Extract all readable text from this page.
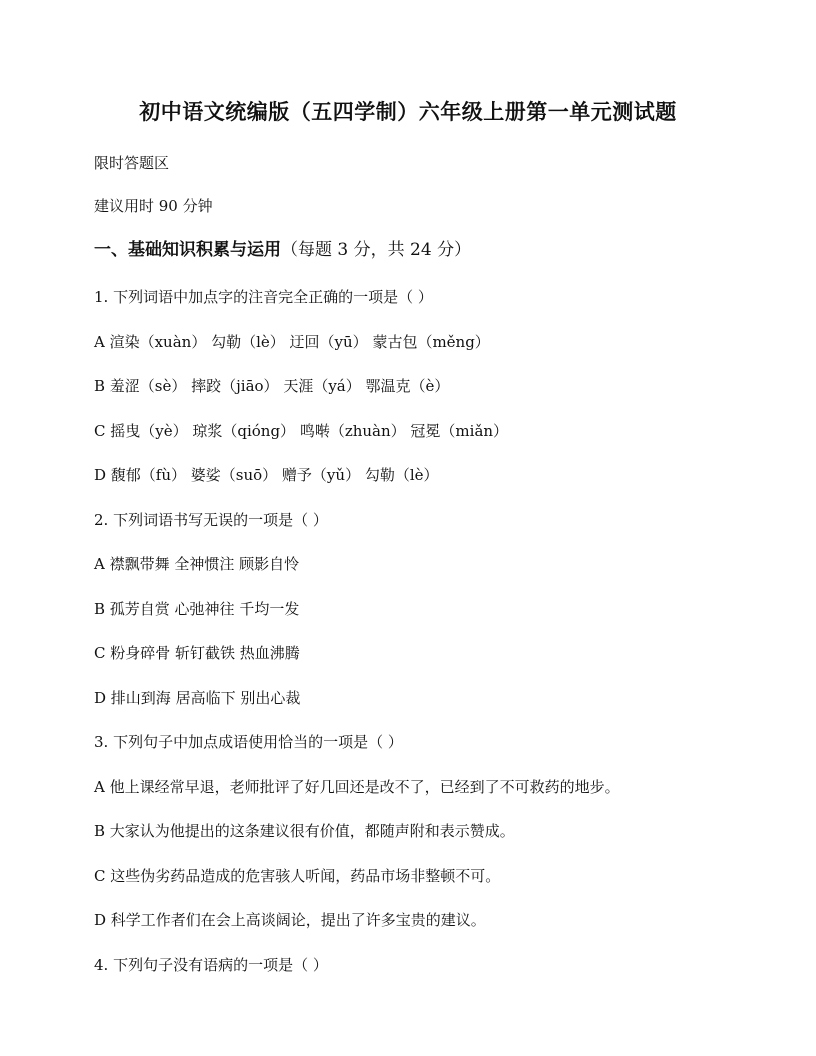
初中语文统编版（五四学制）六年级上册第一单元测试题
限时答题区
建议用时 90 分钟
一、基础知识积累与运用（每题 3 分，共 24 分）
1. 下列词语中加点字的注音完全正确的一项是（ ）
A 渲染（xuàn） 勾勒（lè） 迂回（yū） 蒙古包（měng）
B 羞涩（sè） 摔跤（jiāo） 天涯（yá） 鄂温克（è）
C 摇曳（yè） 琼浆（qióng） 鸣啭（zhuàn） 冠冕（miǎn）
D 馥郁（fù） 婆娑（suō） 赠予（yǔ） 勾勒（lè）
2. 下列词语书写无误的一项是（ ）
A 襟飘带舞 全神惯注 顾影自怜
B 孤芳自赏 心弛神往 千均一发
C 粉身碎骨 斩钉截铁 热血沸腾
D 排山到海 居高临下 别出心裁
3. 下列句子中加点成语使用恰当的一项是（ ）
A 他上课经常早退，老师批评了好几回还是改不了，已经到了不可救药的地步。
B 大家认为他提出的这条建议很有价值，都随声附和表示赞成。
C 这些伪劣药品造成的危害骇人听闻，药品市场非整顿不可。
D 科学工作者们在会上高谈阔论，提出了许多宝贵的建议。
4. 下列句子没有语病的一项是（ ）
